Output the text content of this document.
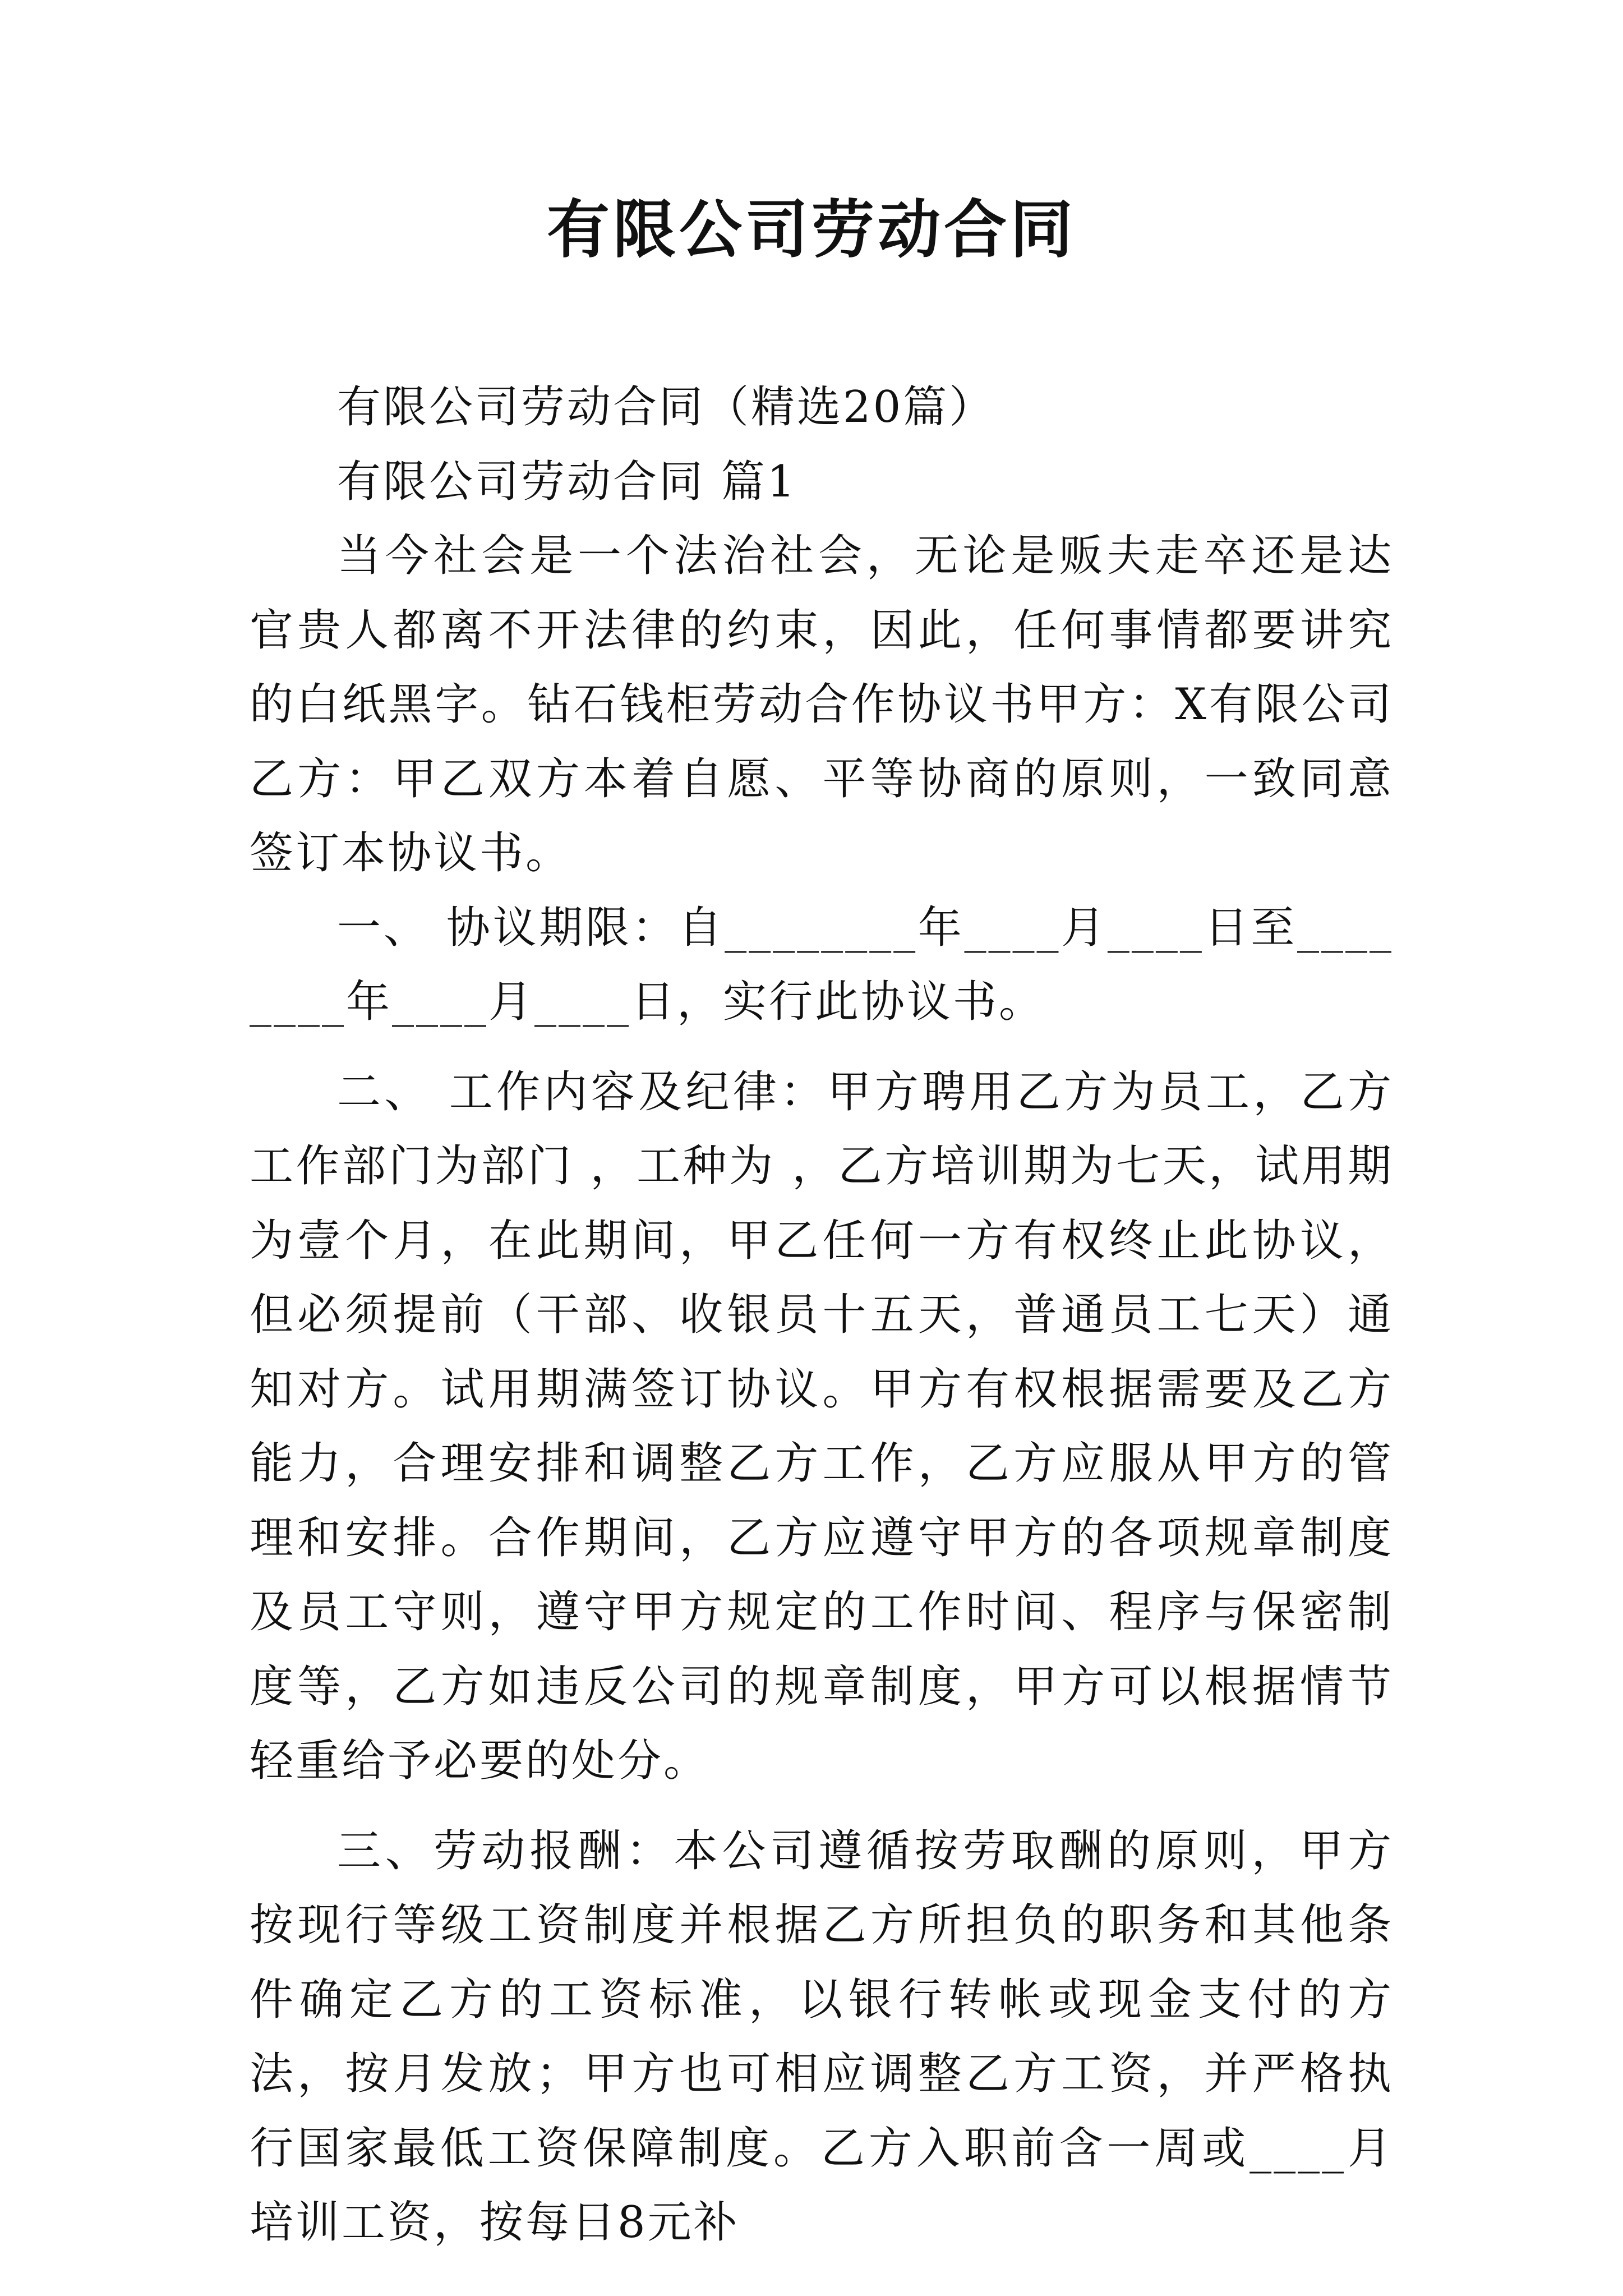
有限公司劳动合同

有限公司劳动合同（精选20篇）

有限公司劳动合同 篇1

当今社会是一个法治社会，无论是贩夫走卒还是达官贵人都离不开法律的约束，因此，任何事情都要讲究的白纸黑字。钻石钱柜劳动合作协议书甲方：X有限公司乙方：甲乙双方本着自愿、平等协商的原则，一致同意签订本协议书。

一、 协议期限：自________年____月____日至________年____月____日，实行此协议书。

二、 工作内容及纪律：甲方聘用乙方为员工，乙方工作部门为部门 ，工种为 ，乙方培训期为七天，试用期为壹个月，在此期间，甲乙任何一方有权终止此协议，但必须提前（干部、收银员十五天，普通员工七天）通知对方。试用期满签订协议。甲方有权根据需要及乙方能力，合理安排和调整乙方工作，乙方应服从甲方的管理和安排。合作期间，乙方应遵守甲方的各项规章制度及员工守则，遵守甲方规定的工作时间、程序与保密制度等，乙方如违反公司的规章制度，甲方可以根据情节轻重给予必要的处分。

三、劳动报酬：本公司遵循按劳取酬的原则，甲方按现行等级工资制度并根据乙方所担负的职务和其他条件确定乙方的工资标准，以银行转帐或现金支付的方法，按月发放；甲方也可相应调整乙方工资，并严格执行国家最低工资保障制度。乙方入职前含一周或____月培训工资，按每日8元补
